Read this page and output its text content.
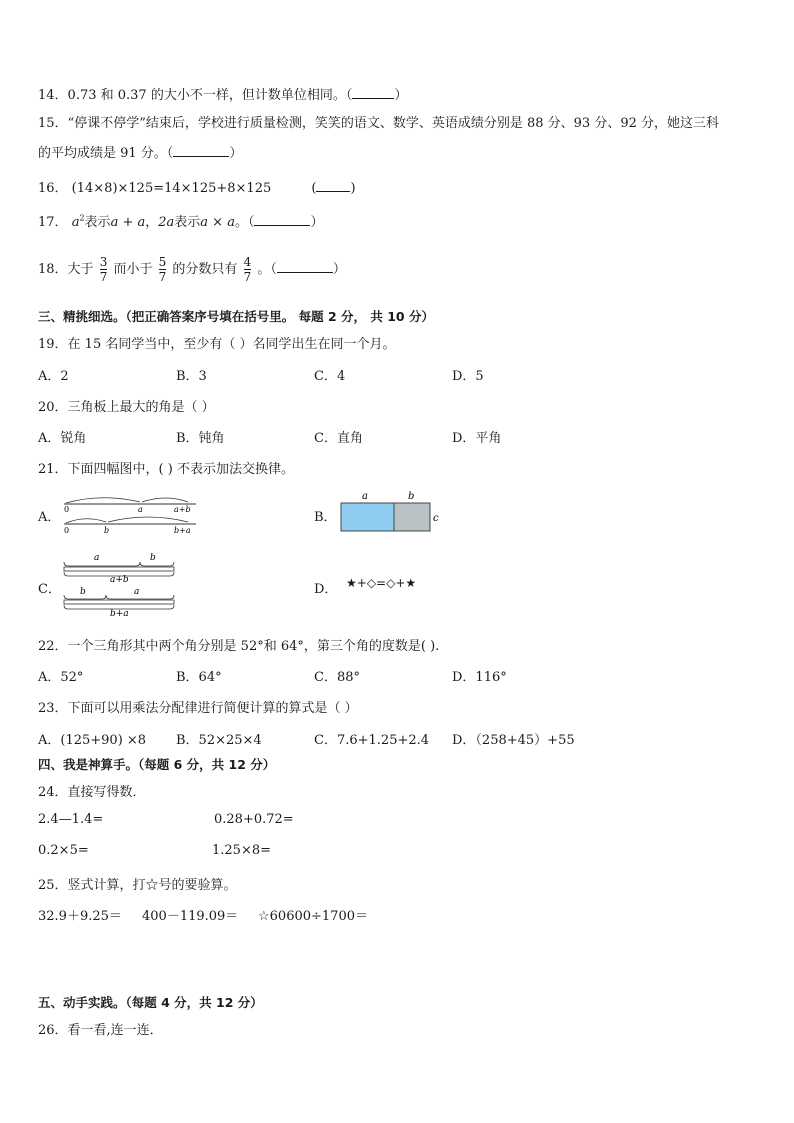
14．0.73 和 0.37 的大小不一样，但计数单位相同。（	）
15．“停课不停学”结束后，学校进行质量检测，笑笑的语文、数学、英语成绩分别是 88 分、93 分、92 分，她这三科
的平均成绩是 91 分。（	）
16． (14×8)×125=14×125+8×125	(	)
17． $a^2$表示a + a，2a表示a × a。（	）
18．大于 $\frac{3}{7}$ 而小于 $\frac{5}{7}$ 的分数只有 $\frac{4}{7}$ 。（	）
三、精挑细选。（把正确答案序号填在括号里。 每题 2 分， 共 10 分）
19．在 15 名同学当中，至少有（ ）名同学出生在同一个月。
A．2	B．3	C．4	D．5
20．三角板上最大的角是（ ）
A．锐角	B．钝角	C．直角	D．平角
21．下面四幅图中，( ) 不表示加法交换律。
A．
0	a	a+b
0	b	b+a
B．
a	b
c
C．
a	b
a+b
b	a
b+a
D． ★+◇=◇+★
22．一个三角形其中两个角分别是 52°和 64°，第三个角的度数是( ).
A．52°	B．64°	C．88°	D．116°
23．下面可以用乘法分配律进行简便计算的算式是（ ）
A．(125+90) ×8 B．52×25×4	C．7.6+1.25+2.4 D．（258+45）+55
四、我是神算手。（每题 6 分，共 12 分）
24．直接写得数．
2.4—1.4=	0.28+0.72=
0.2×5=	1.25×8=
25．竖式计算，打☆号的要验算。
32.9＋9.25＝ 400－119.09＝ ☆60600÷1700＝
五、动手实践。（每题 4 分，共 12 分）
26．看一看,连一连．
